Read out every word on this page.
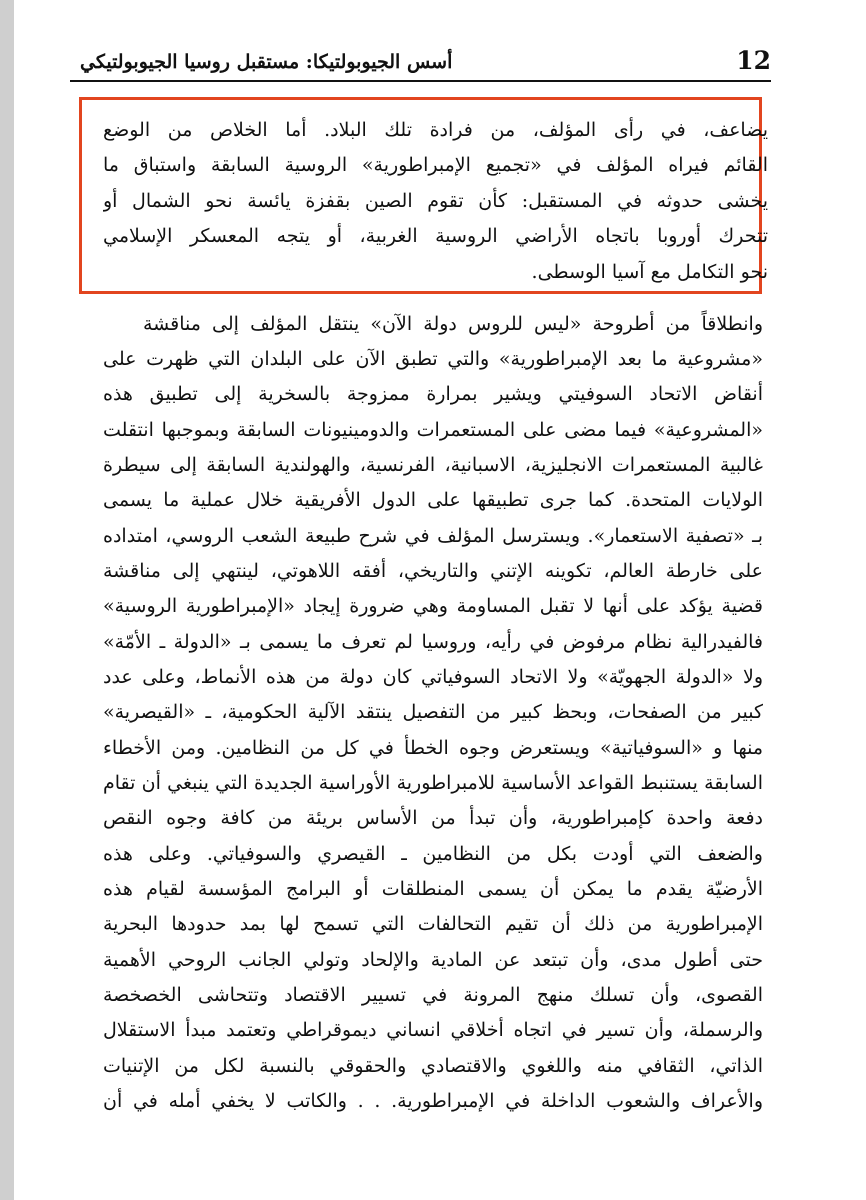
12
أسس الجيوبولتيكا: مستقبل روسيا الجيوبولتيكي
يضاعف، في رأى المؤلف، من فرادة تلك البلاد. أما الخلاص من الوضع
القائم فيراه المؤلف في «تجميع الإمبراطورية» الروسية السابقة واستباق ما
يخشى حدوثه في المستقبل: كأن تقوم الصين بقفزة يائسة نحو الشمال أو
تتحرك أوروبا باتجاه الأراضي الروسية الغربية، أو يتجه المعسكر الإسلامي
نحو التكامل مع آسيا الوسطى.
وانطلاقاً من أطروحة «ليس للروس دولة الآن» ينتقل المؤلف إلى مناقشة
«مشروعية ما بعد الإمبراطورية» والتي تطبق الآن على البلدان التي ظهرت على
أنقاض الاتحاد السوفيتي ويشير بمرارة ممزوجة بالسخرية إلى تطبيق هذه
«المشروعية» فيما مضى على المستعمرات والدومينيونات السابقة وبموجبها انتقلت
غالبية المستعمرات الانجليزية، الاسبانية، الفرنسية، والهولندية السابقة إلى سيطرة
الولايات المتحدة. كما جرى تطبيقها على الدول الأفريقية خلال عملية ما يسمى
بـ «تصفية الاستعمار». ويسترسل المؤلف في شرح طبيعة الشعب الروسي، امتداده
على خارطة العالم، تكوينه الإتني والتاريخي، أفقه اللاهوتي، لينتهي إلى مناقشة
قضية يؤكد على أنها لا تقبل المساومة وهي ضرورة إيجاد «الإمبراطورية الروسية»
فالفيدرالية نظام مرفوض في رأيه، وروسيا لم تعرف ما يسمى بـ «الدولة ـ الأمّة»
ولا «الدولة الجهويّة» ولا الاتحاد السوفياتي كان دولة من هذه الأنماط، وعلى عدد
كبير من الصفحات، وبحظ كبير من التفصيل ينتقد الآلية الحكومية، ـ «القيصرية»
منها و «السوفياتية» ويستعرض وجوه الخطأ في كل من النظامين. ومن الأخطاء
السابقة يستنبط القواعد الأساسية للامبراطورية الأوراسية الجديدة التي ينبغي أن تقام
دفعة واحدة كإمبراطورية، وأن تبدأ من الأساس بريئة من كافة وجوه النقص
والضعف التي أودت بكل من النظامين ـ القيصري والسوفياتي. وعلى هذه
الأرضيّة يقدم ما يمكن أن يسمى المنطلقات أو البرامج المؤسسة لقيام هذه
الإمبراطورية من ذلك أن تقيم التحالفات التي تسمح لها بمد حدودها البحرية
حتى أطول مدى، وأن تبتعد عن المادية والإلحاد وتولي الجانب الروحي الأهمية
القصوى، وأن تسلك منهج المرونة في تسيير الاقتصاد وتتحاشى الخصخصة
والرسملة، وأن تسير في اتجاه أخلاقي انساني ديموقراطي وتعتمد مبدأ الاستقلال
الذاتي، الثقافي منه واللغوي والاقتصادي والحقوقي بالنسبة لكل من الإتنيات
والأعراف والشعوب الداخلة في الإمبراطورية. . . والكاتب لا يخفي أمله في أن
